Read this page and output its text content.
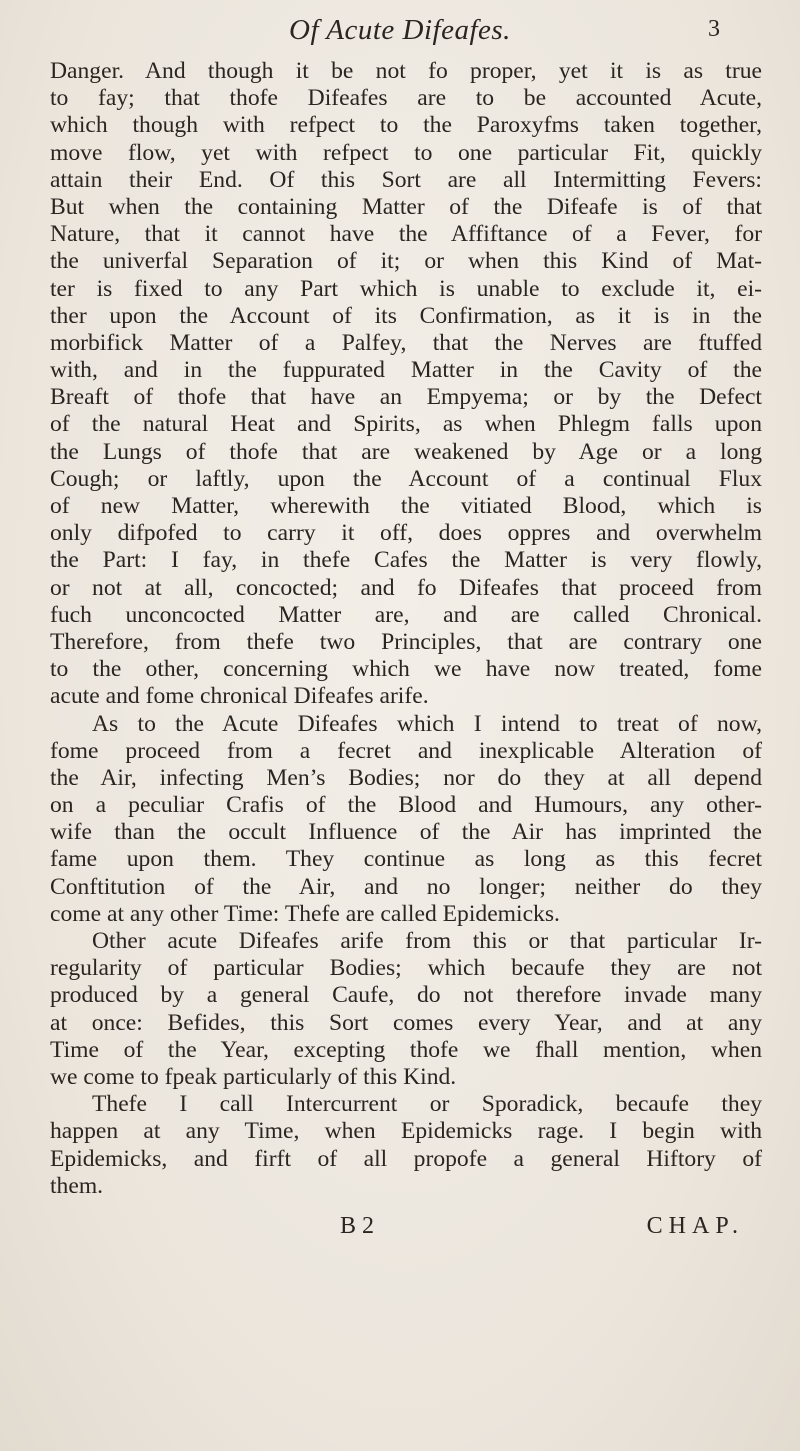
Of Acute Difeafes.	3
Danger. And though it be not fo proper, yet it is as true
to fay; that thofe Difeafes are to be accounted Acute,
which though with refpect to the Paroxyfms taken together,
move flow, yet with refpect to one particular Fit, quickly
attain their End. Of this Sort are all Intermitting Fevers:
But when the containing Matter of the Difeafe is of that
Nature, that it cannot have the Affiftance of a Fever, for
the univerfal Separation of it; or when this Kind of Mat-
ter is fixed to any Part which is unable to exclude it, ei-
ther upon the Account of its Confirmation, as it is in the
morbifick Matter of a Palfey, that the Nerves are ftuffed
with, and in the fuppurated Matter in the Cavity of the
Breaft of thofe that have an Empyema; or by the Defect
of the natural Heat and Spirits, as when Phlegm falls upon
the Lungs of thofe that are weakened by Age or a long
Cough; or laftly, upon the Account of a continual Flux
of new Matter, wherewith the vitiated Blood, which is
only difpofed to carry it off, does oppres and overwhelm
the Part: I fay, in thefe Cafes the Matter is very flowly,
or not at all, concocted; and fo Difeafes that proceed from
fuch unconcocted Matter are, and are called Chronical.
Therefore, from thefe two Principles, that are contrary one
to the other, concerning which we have now treated, fome
acute and fome chronical Difeafes arife.
As to the Acute Difeafes which I intend to treat of now,
fome proceed from a fecret and inexplicable Alteration of
the Air, infecting Men’s Bodies; nor do they at all depend
on a peculiar Crafis of the Blood and Humours, any other-
wife than the occult Influence of the Air has imprinted the
fame upon them. They continue as long as this fecret
Conftitution of the Air, and no longer; neither do they
come at any other Time: Thefe are called Epidemicks.
Other acute Difeafes arife from this or that particular Ir-
regularity of particular Bodies; which becaufe they are not
produced by a general Caufe, do not therefore invade many
at once: Befides, this Sort comes every Year, and at any
Time of the Year, excepting thofe we fhall mention, when
we come to fpeak particularly of this Kind.
Thefe I call Intercurrent or Sporadick, becaufe they
happen at any Time, when Epidemicks rage. I begin with
Epidemicks, and firft of all propofe a general Hiftory of
them.
B 2	CHAP.
